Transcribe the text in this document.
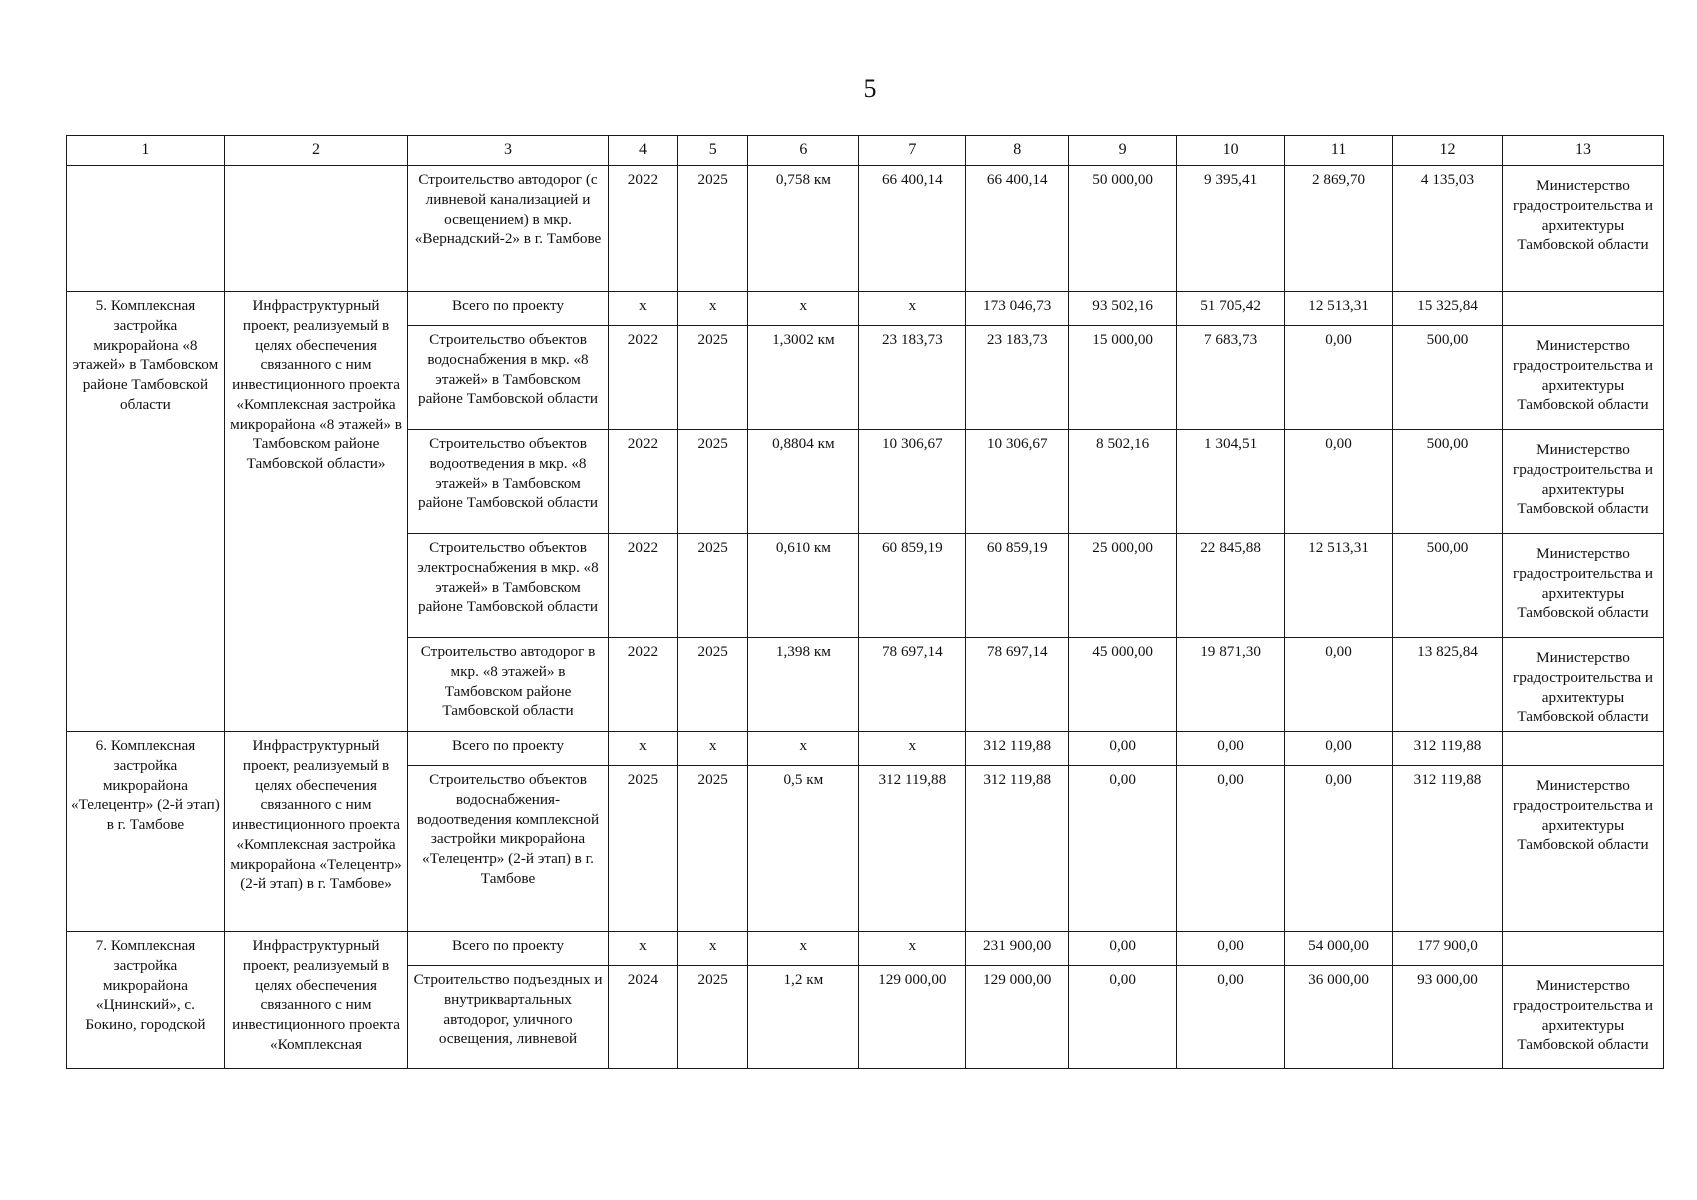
5
1	2	3	4	5	6	7	8	9	10	11	12	13
		Строительство автодорог (с ливневой канализацией и освещением) в мкр. «Вернадский-2» в г. Тамбове	2022	2025	0,758 км	66 400,14	66 400,14	50 000,00	9 395,41	2 869,70	4 135,03	Министерство градостроительства и архитектуры Тамбовской области
5. Комплексная застройка микрорайона «8 этажей» в Тамбовском районе Тамбовской области	Инфраструктурный проект, реализуемый в целях обеспечения связанного с ним инвестиционного проекта «Комплексная застройка микрорайона «8 этажей» в Тамбовском районе Тамбовской области»	Всего по проекту	х	х	х	х	173 046,73	93 502,16	51 705,42	12 513,31	15 325,84	
		Строительство объектов водоснабжения в мкр. «8 этажей» в Тамбовском районе Тамбовской области	2022	2025	1,3002 км	23 183,73	23 183,73	15 000,00	7 683,73	0,00	500,00	Министерство градостроительства и архитектуры Тамбовской области
		Строительство объектов водоотведения в мкр. «8 этажей» в Тамбовском районе Тамбовской области	2022	2025	0,8804 км	10 306,67	10 306,67	8 502,16	1 304,51	0,00	500,00	Министерство градостроительства и архитектуры Тамбовской области
		Строительство объектов электроснабжения в мкр. «8 этажей» в Тамбовском районе Тамбовской области	2022	2025	0,610 км	60 859,19	60 859,19	25 000,00	22 845,88	12 513,31	500,00	Министерство градостроительства и архитектуры Тамбовской области
		Строительство автодорог в мкр. «8 этажей» в Тамбовском районе Тамбовской области	2022	2025	1,398 км	78 697,14	78 697,14	45 000,00	19 871,30	0,00	13 825,84	Министерство градостроительства и архитектуры Тамбовской области
6. Комплексная застройка микрорайона «Телецентр» (2-й этап) в г. Тамбове	Инфраструктурный проект, реализуемый в целях обеспечения связанного с ним инвестиционного проекта «Комплексная застройка микрорайона «Телецентр» (2-й этап) в г. Тамбове»	Всего по проекту	х	х	х	х	312 119,88	0,00	0,00	0,00	312 119,88	
		Строительство объектов водоснабжения-водоотведения комплексной застройки микрорайона «Телецентр» (2-й этап) в г. Тамбове	2025	2025	0,5 км	312 119,88	312 119,88	0,00	0,00	0,00	312 119,88	Министерство градостроительства и архитектуры Тамбовской области
7. Комплексная застройка микрорайона «Цнинский», с. Бокино, городской	Инфраструктурный проект, реализуемый в целях обеспечения связанного с ним инвестиционного проекта «Комплексная	Всего по проекту	х	х	х	х	231 900,00	0,00	0,00	54 000,00	177 900,0	
		Строительство подъездных и внутриквартальных автодорог, уличного освещения, ливневой	2024	2025	1,2 км	129 000,00	129 000,00	0,00	0,00	36 000,00	93 000,00	Министерство градостроительства и архитектуры Тамбовской области
